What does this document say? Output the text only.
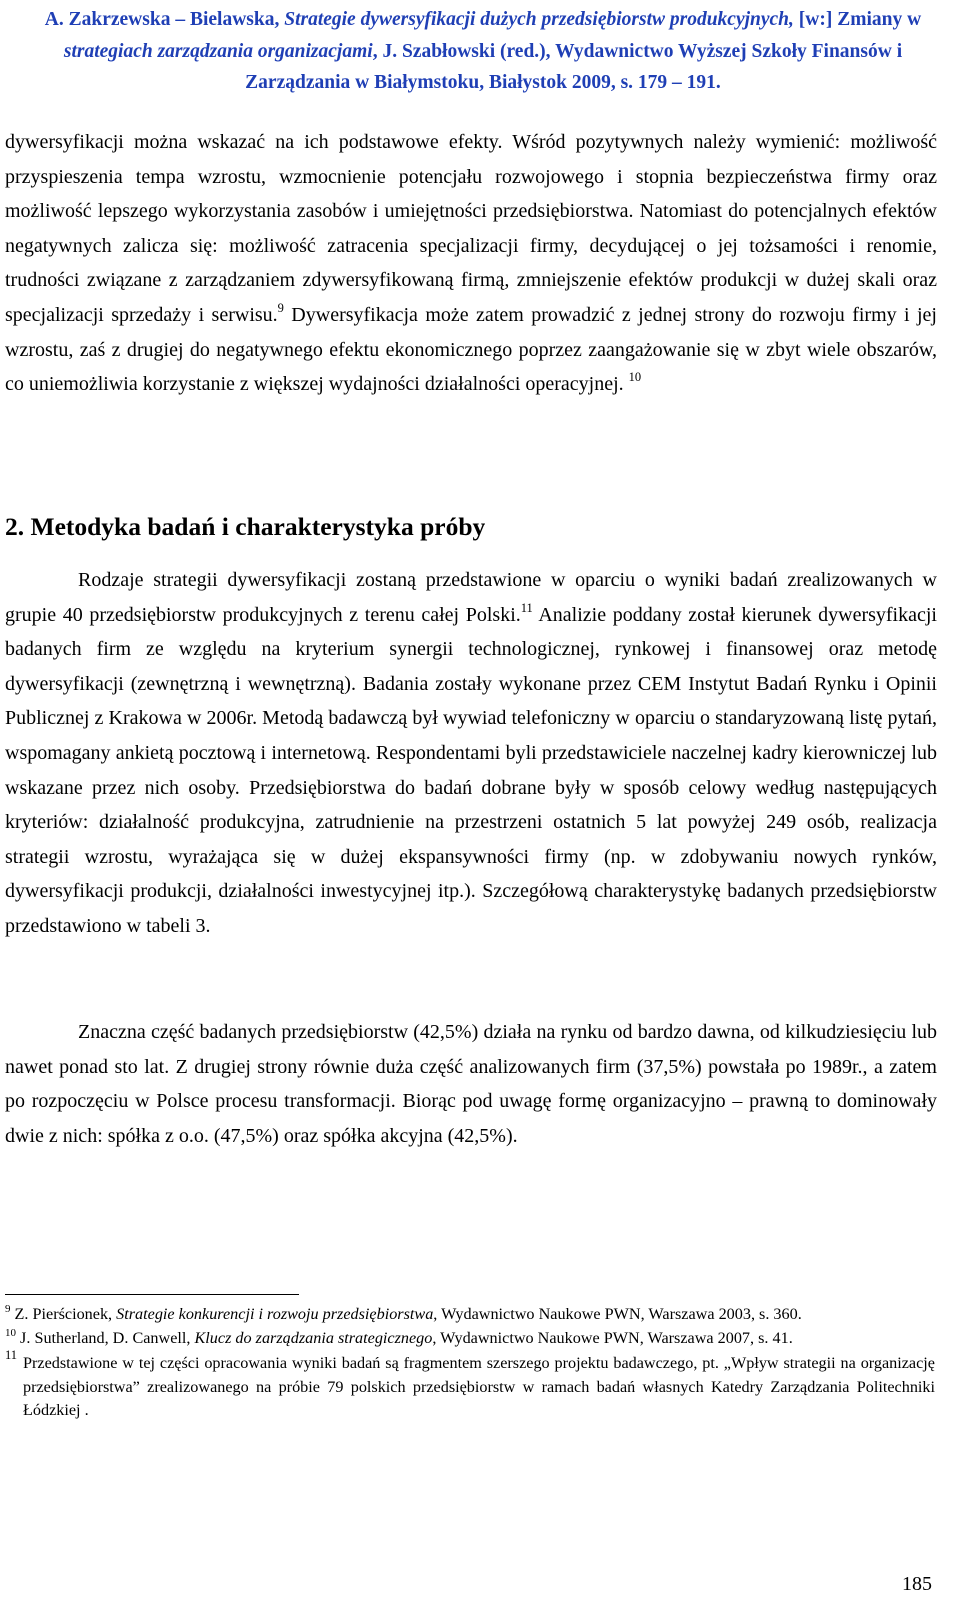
A. Zakrzewska – Bielawska, Strategie dywersyfikacji dużych przedsiębiorstw produkcyjnych, [w:] Zmiany w
strategiach zarządzania organizacjami, J. Szabłowski (red.), Wydawnictwo Wyższej Szkoły Finansów i
Zarządzania w Białymstoku, Białystok 2009, s. 179 – 191.
dywersyfikacji można wskazać na ich podstawowe efekty. Wśród pozytywnych należy wymienić: możliwość przyspieszenia tempa wzrostu, wzmocnienie potencjału rozwojowego i stopnia bezpieczeństwa firmy oraz możliwość lepszego wykorzystania zasobów i umiejętności przedsiębiorstwa. Natomiast do potencjalnych efektów negatywnych zalicza się: możliwość zatracenia specjalizacji firmy, decydującej o jej tożsamości i renomie, trudności związane z zarządzaniem zdywersyfikowaną firmą, zmniejszenie efektów produkcji w dużej skali oraz specjalizacji sprzedaży i serwisu.$^9$ Dywersyfikacja może zatem prowadzić z jednej strony do rozwoju firmy i jej wzrostu, zaś z drugiej do negatywnego efektu ekonomicznego poprzez zaangażowanie się w zbyt wiele obszarów, co uniemożliwia korzystanie z większej wydajności działalności operacyjnej. $^{10}$
2. Metodyka badań i charakterystyka próby

Rodzaje strategii dywersyfikacji zostaną przedstawione w oparciu o wyniki badań zrealizowanych w grupie 40 przedsiębiorstw produkcyjnych z terenu całej Polski.$^{11}$ Analizie poddany został kierunek dywersyfikacji badanych firm ze względu na kryterium synergii technologicznej, rynkowej i finansowej oraz metodę dywersyfikacji (zewnętrzną i wewnętrzną). Badania zostały wykonane przez CEM Instytut Badań Rynku i Opinii Publicznej z Krakowa w 2006r. Metodą badawczą był wywiad telefoniczny w oparciu o standaryzowaną listę pytań, wspomagany ankietą pocztową i internetową. Respondentami byli przedstawiciele naczelnej kadry kierowniczej lub wskazane przez nich osoby. Przedsiębiorstwa do badań dobrane były w sposób celowy według następujących kryteriów: działalność produkcyjna, zatrudnienie na przestrzeni ostatnich 5 lat powyżej 249 osób, realizacja strategii wzrostu, wyrażająca się w dużej ekspansywności firmy (np. w zdobywaniu nowych rynków, dywersyfikacji produkcji, działalności inwestycyjnej itp.). Szczegółową charakterystykę badanych przedsiębiorstw przedstawiono w tabeli 3.

Znaczna część badanych przedsiębiorstw (42,5%) działa na rynku od bardzo dawna, od kilkudziesięciu lub nawet ponad sto lat. Z drugiej strony równie duża część analizowanych firm (37,5%) powstała po 1989r., a zatem po rozpoczęciu w Polsce procesu transformacji. Biorąc pod uwagę formę organizacyjno – prawną to dominowały dwie z nich: spółka z o.o. (47,5%) oraz spółka akcyjna (42,5%).

$^9$ Z. Pierścionek, Strategie konkurencji i rozwoju przedsiębiorstwa, Wydawnictwo Naukowe PWN, Warszawa 2003, s. 360.

$^{10}$ J. Sutherland, D. Canwell, Klucz do zarządzania strategicznego, Wydawnictwo Naukowe PWN, Warszawa 2007, s. 41.

11 Przedstawione w tej części opracowania wyniki badań są fragmentem szerszego projektu badawczego, pt. „Wpływ strategii na organizację przedsiębiorstwa” zrealizowanego na próbie 79 polskich przedsiębiorstw w ramach badań własnych Katedry Zarządzania Politechniki Łódzkiej .

185
